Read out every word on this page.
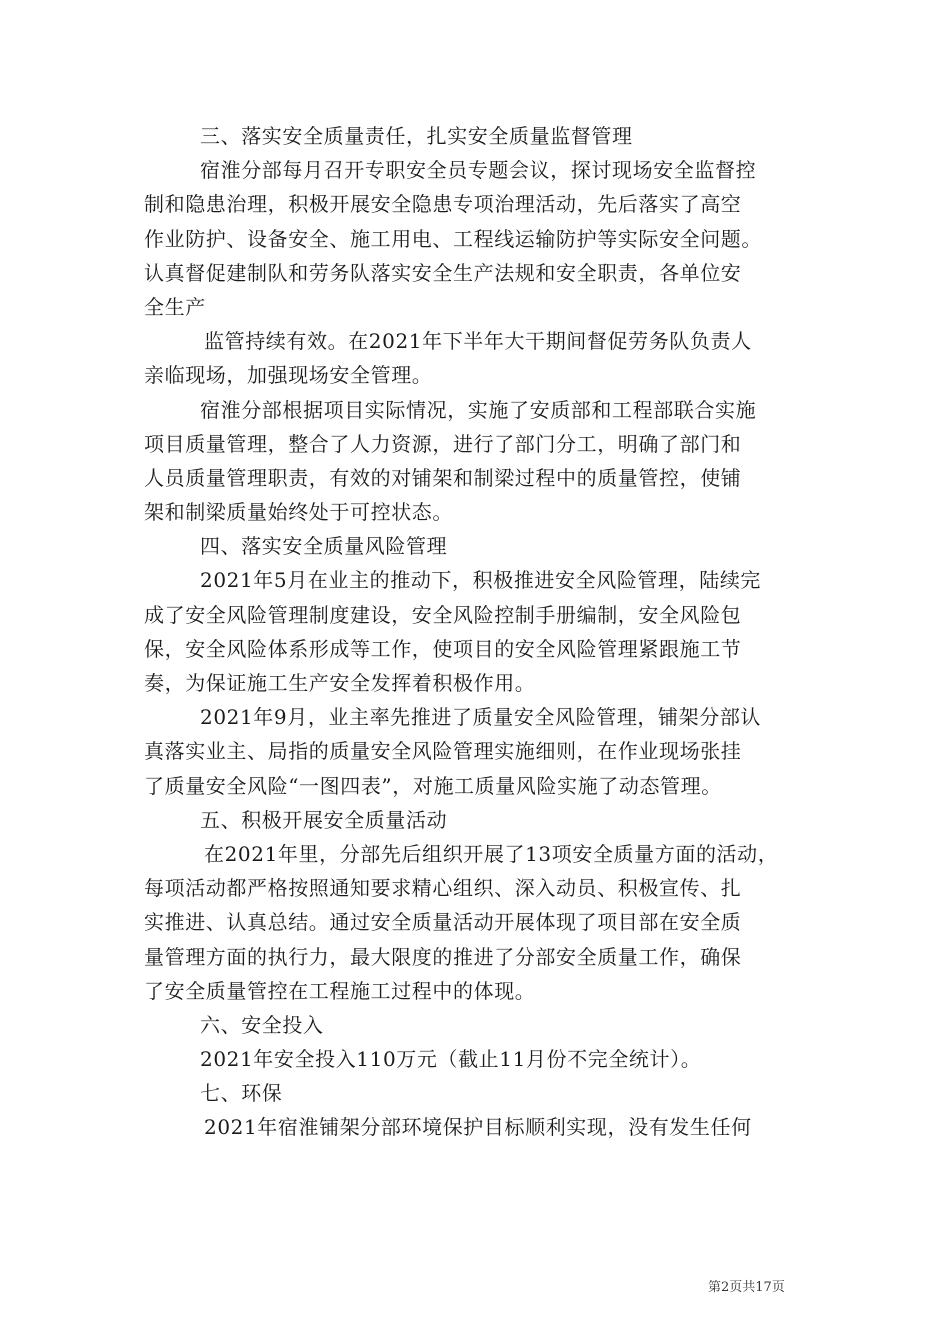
三、落实安全质量责任，扎实安全质量监督管理
宿淮分部每月召开专职安全员专题会议，探讨现场安全监督控
制和隐患治理，积极开展安全隐患专项治理活动，先后落实了高空
作业防护、设备安全、施工用电、工程线运输防护等实际安全问题。
认真督促建制队和劳务队落实安全生产法规和安全职责，各单位安
全生产
监管持续有效。在2021年下半年大干期间督促劳务队负责人
亲临现场，加强现场安全管理。
宿淮分部根据项目实际情况，实施了安质部和工程部联合实施
项目质量管理，整合了人力资源，进行了部门分工，明确了部门和
人员质量管理职责，有效的对铺架和制梁过程中的质量管控，使铺
架和制梁质量始终处于可控状态。
四、落实安全质量风险管理
2021年5月在业主的推动下，积极推进安全风险管理，陆续完
成了安全风险管理制度建设，安全风险控制手册编制，安全风险包
保，安全风险体系形成等工作，使项目的安全风险管理紧跟施工节
奏，为保证施工生产安全发挥着积极作用。
2021年9月，业主率先推进了质量安全风险管理，铺架分部认
真落实业主、局指的质量安全风险管理实施细则，在作业现场张挂
了质量安全风险“一图四表”，对施工质量风险实施了动态管理。
五、积极开展安全质量活动
在2021年里，分部先后组织开展了13项安全质量方面的活动，
每项活动都严格按照通知要求精心组织、深入动员、积极宣传、扎
实推进、认真总结。通过安全质量活动开展体现了项目部在安全质
量管理方面的执行力，最大限度的推进了分部安全质量工作，确保
了安全质量管控在工程施工过程中的体现。
六、安全投入
2021年安全投入110万元（截止11月份不完全统计）。
七、环保
2021年宿淮铺架分部环境保护目标顺利实现，没有发生任何
第2页共17页
